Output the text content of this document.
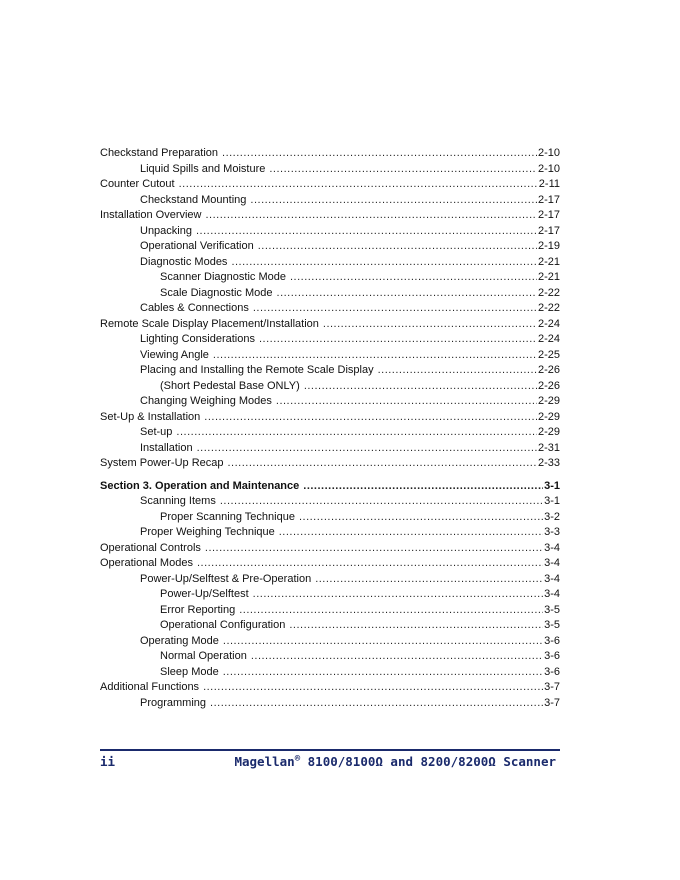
Checkstand Preparation .....	2-10
Liquid Spills and Moisture .....	2-10
Counter Cutout .....	2-11
Checkstand Mounting .....	2-17
Installation Overview .....	2-17
Unpacking .....	2-17
Operational Verification .....	2-19
Diagnostic Modes .....	2-21
Scanner Diagnostic Mode .....	2-21
Scale Diagnostic Mode .....	2-22
Cables & Connections .....	2-22
Remote Scale Display Placement/Installation .....	2-24
Lighting Considerations .....	2-24
Viewing Angle .....	2-25
Placing and Installing the Remote Scale Display .....	2-26
(Short Pedestal Base ONLY) .....	2-26
Changing Weighing Modes .....	2-29
Set-Up & Installation .....	2-29
Set-up .....	2-29
Installation .....	2-31
System Power-Up Recap .....	2-33
Section 3. Operation and Maintenance .....	3-1
Scanning Items .....	3-1
Proper Scanning Technique .....	3-2
Proper Weighing Technique .....	3-3
Operational Controls .....	3-4
Operational Modes .....	3-4
Power-Up/Selftest & Pre-Operation .....	3-4
Power-Up/Selftest .....	3-4
Error Reporting .....	3-5
Operational Configuration .....	3-5
Operating Mode .....	3-6
Normal Operation .....	3-6
Sleep Mode .....	3-6
Additional Functions .....	3-7
Programming .....	3-7
ii	Magellan® 8100/8100Ω and 8200/8200Ω Scanner
